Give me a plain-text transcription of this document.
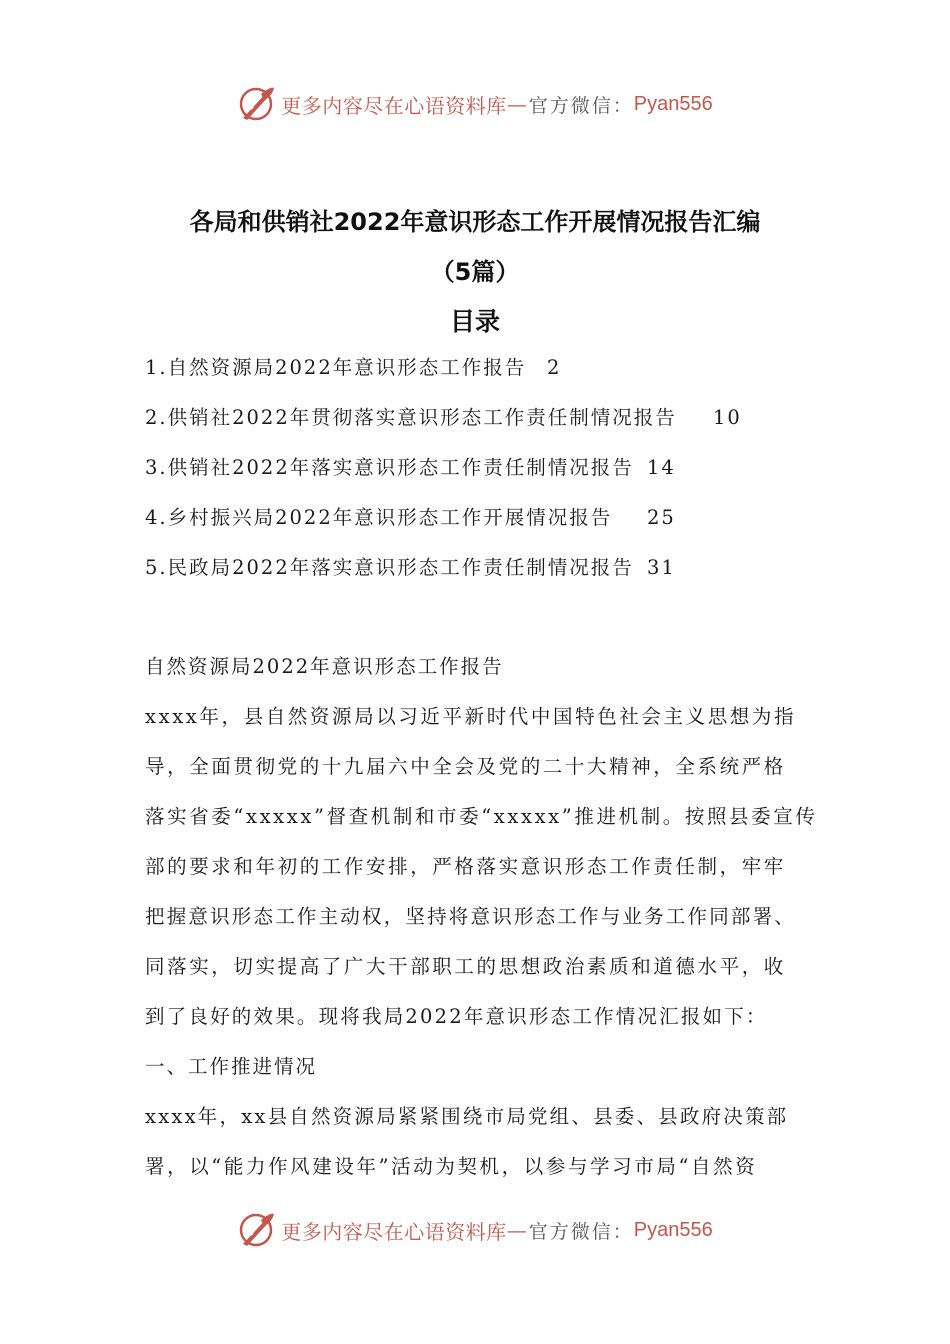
更多内容尽在心语资料库 — 官方微信： Pyan556
各局和供销社2022年意识形态工作开展情况报告汇编
（5篇）
目录
1.自然资源局2022年意识形态工作报告 2
2.供销社2022年贯彻落实意识形态工作责任制情况报告 10
3.供销社2022年落实意识形态工作责任制情况报告 14
4.乡村振兴局2022年意识形态工作开展情况报告 25
5.民政局2022年落实意识形态工作责任制情况报告 31

自然资源局2022年意识形态工作报告

xxxx年，县自然资源局以习近平新时代中国特色社会主义思想为指

导，全面贯彻党的十九届六中全会及党的二十大精神，全系统严格

落实省委“xxxxx”督查机制和市委“xxxxx”推进机制。按照县委宣传

部的要求和年初的工作安排，严格落实意识形态工作责任制，牢牢

把握意识形态工作主动权，坚持将意识形态工作与业务工作同部署、

同落实，切实提高了广大干部职工的思想政治素质和道德水平，收

到了良好的效果。现将我局2022年意识形态工作情况汇报如下：

一、工作推进情况

xxxx年，xx县自然资源局紧紧围绕市局党组、县委、县政府决策部

署，以“能力作风建设年”活动为契机，以参与学习市局“自然资

更多内容尽在心语资料库 — 官方微信： Pyan556
